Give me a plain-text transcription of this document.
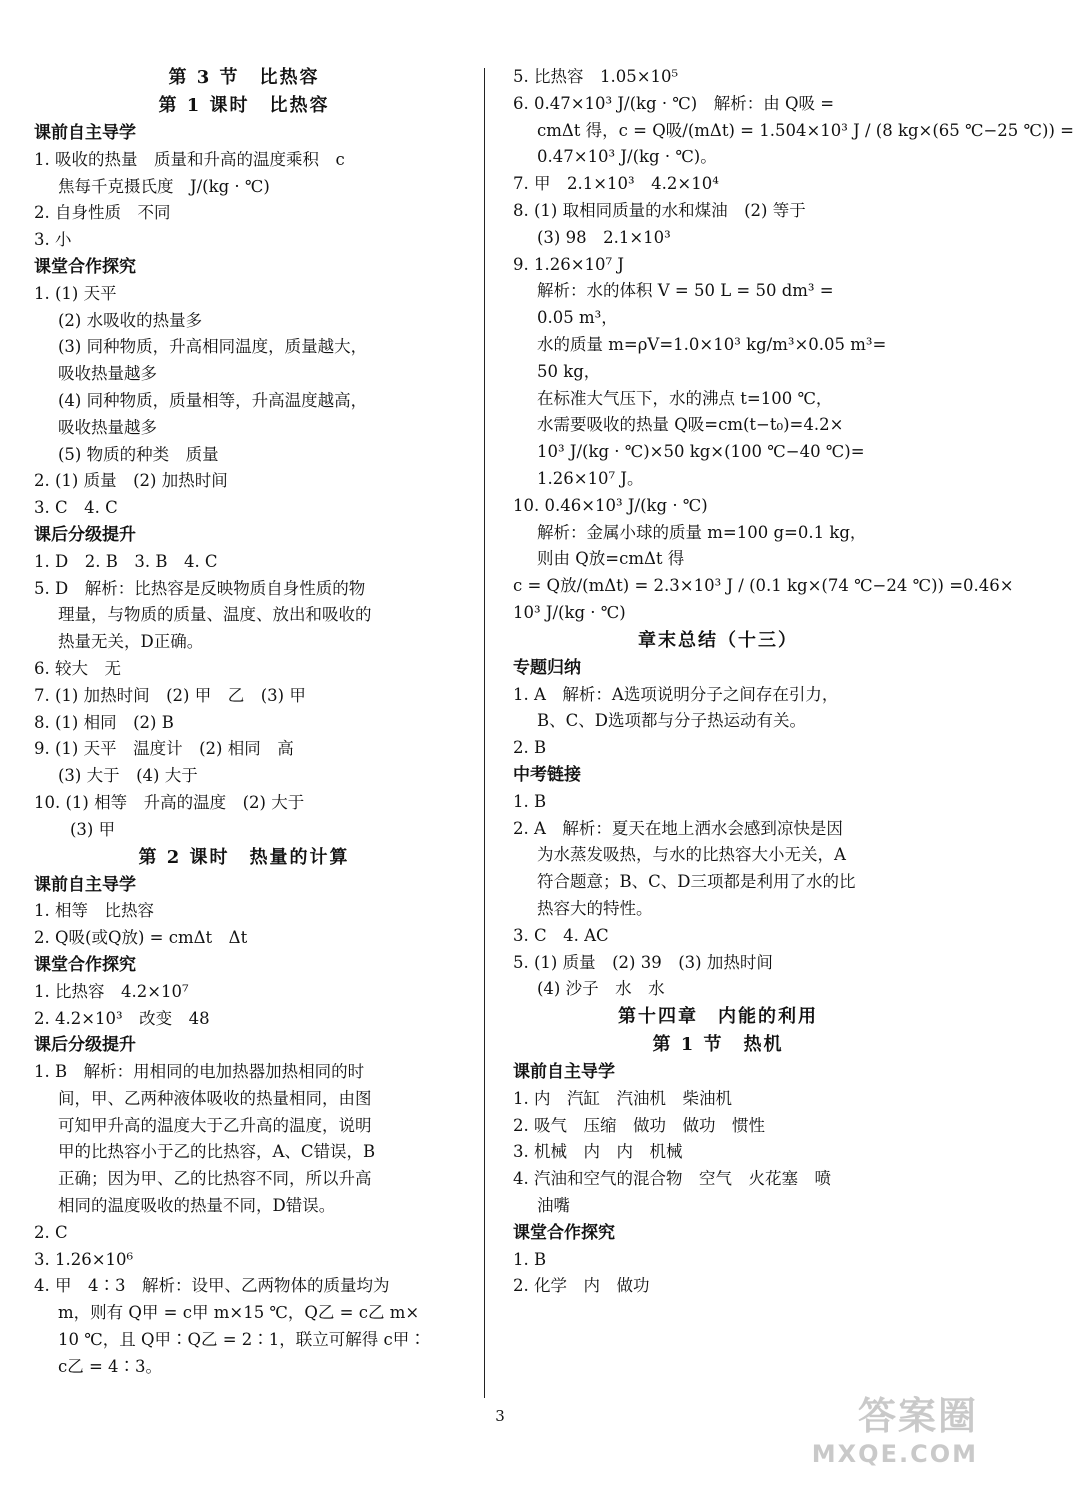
第 3 节　比热容
第 1 课时　比热容
课前自主导学
1. 吸收的热量　质量和升高的温度乘积　c
焦每千克摄氏度　J/(kg · ℃)
2. 自身性质　不同
3. 小
课堂合作探究
1. (1) 天平
(2) 水吸收的热量多
(3) 同种物质，升高相同温度，质量越大，
吸收热量越多
(4) 同种物质，质量相等，升高温度越高，
吸收热量越多
(5) 物质的种类　质量
2. (1) 质量　(2) 加热时间
3. C　4. C
课后分级提升
1. D　2. B　3. B　4. C
5. D　解析：比热容是反映物质自身性质的物
理量，与物质的质量、温度、放出和吸收的
热量无关，D正确。
6. 较大　无
7. (1) 加热时间　(2) 甲　乙　(3) 甲
8. (1) 相同　(2) B
9. (1) 天平　温度计　(2) 相同　高
(3) 大于　(4) 大于
10. (1) 相等　升高的温度　(2) 大于
(3) 甲
第 2 课时　热量的计算
课前自主导学
1. 相等　比热容
2. Q吸(或Q放) = cmΔt　Δt
课堂合作探究
1. 比热容　4.2×10⁷
2. 4.2×10³　改变　48
课后分级提升
1. B　解析：用相同的电加热器加热相同的时
间，甲、乙两种液体吸收的热量相同，由图
可知甲升高的温度大于乙升高的温度，说明
甲的比热容小于乙的比热容，A、C错误，B
正确；因为甲、乙的比热容不同，所以升高
相同的温度吸收的热量不同，D错误。
2. C
3. 1.26×10⁶
4. 甲　4∶3　解析：设甲、乙两物体的质量均为
m，则有 Q甲 = c甲 m×15 ℃，Q乙 = c乙 m×
10 ℃，且 Q甲∶Q乙 = 2∶1，联立可解得 c甲∶
c乙 = 4∶3。
5. 比热容　1.05×10⁵
6. 0.47×10³ J/(kg · ℃)　解析：由 Q吸 =
cmΔt 得，c = Q吸/(mΔt) = 1.504×10³ J / (8 kg×(65 ℃−25 ℃)) =
0.47×10³ J/(kg · ℃)。
7. 甲　2.1×10³　4.2×10⁴
8. (1) 取相同质量的水和煤油　(2) 等于
(3) 98　2.1×10³
9. 1.26×10⁷ J
解析：水的体积 V = 50 L = 50 dm³ =
0.05 m³，
水的质量 m=ρV=1.0×10³ kg/m³×0.05 m³=
50 kg，
在标准大气压下，水的沸点 t=100 ℃，
水需要吸收的热量 Q吸=cm(t−t₀)=4.2×
10³ J/(kg · ℃)×50 kg×(100 ℃−40 ℃)=
1.26×10⁷ J。
10. 0.46×10³ J/(kg · ℃)
解析：金属小球的质量 m=100 g=0.1 kg，
则由 Q放=cmΔt 得
c = Q放/(mΔt) = 2.3×10³ J / (0.1 kg×(74 ℃−24 ℃)) =0.46×
10³ J/(kg · ℃)
章末总结（十三）
专题归纳
1. A　解析：A选项说明分子之间存在引力，
B、C、D选项都与分子热运动有关。
2. B
中考链接
1. B
2. A　解析：夏天在地上洒水会感到凉快是因
为水蒸发吸热，与水的比热容大小无关，A
符合题意；B、C、D三项都是利用了水的比
热容大的特性。
3. C　4. AC
5. (1) 质量　(2) 39　(3) 加热时间
(4) 沙子　水　水
第十四章　内能的利用
第 1 节　热机
课前自主导学
1. 内　汽缸　汽油机　柴油机
2. 吸气　压缩　做功　做功　惯性
3. 机械　内　内　机械
4. 汽油和空气的混合物　空气　火花塞　喷
油嘴
课堂合作探究
1. B
2. 化学　内　做功
3	答案圈
MXQE.COM
